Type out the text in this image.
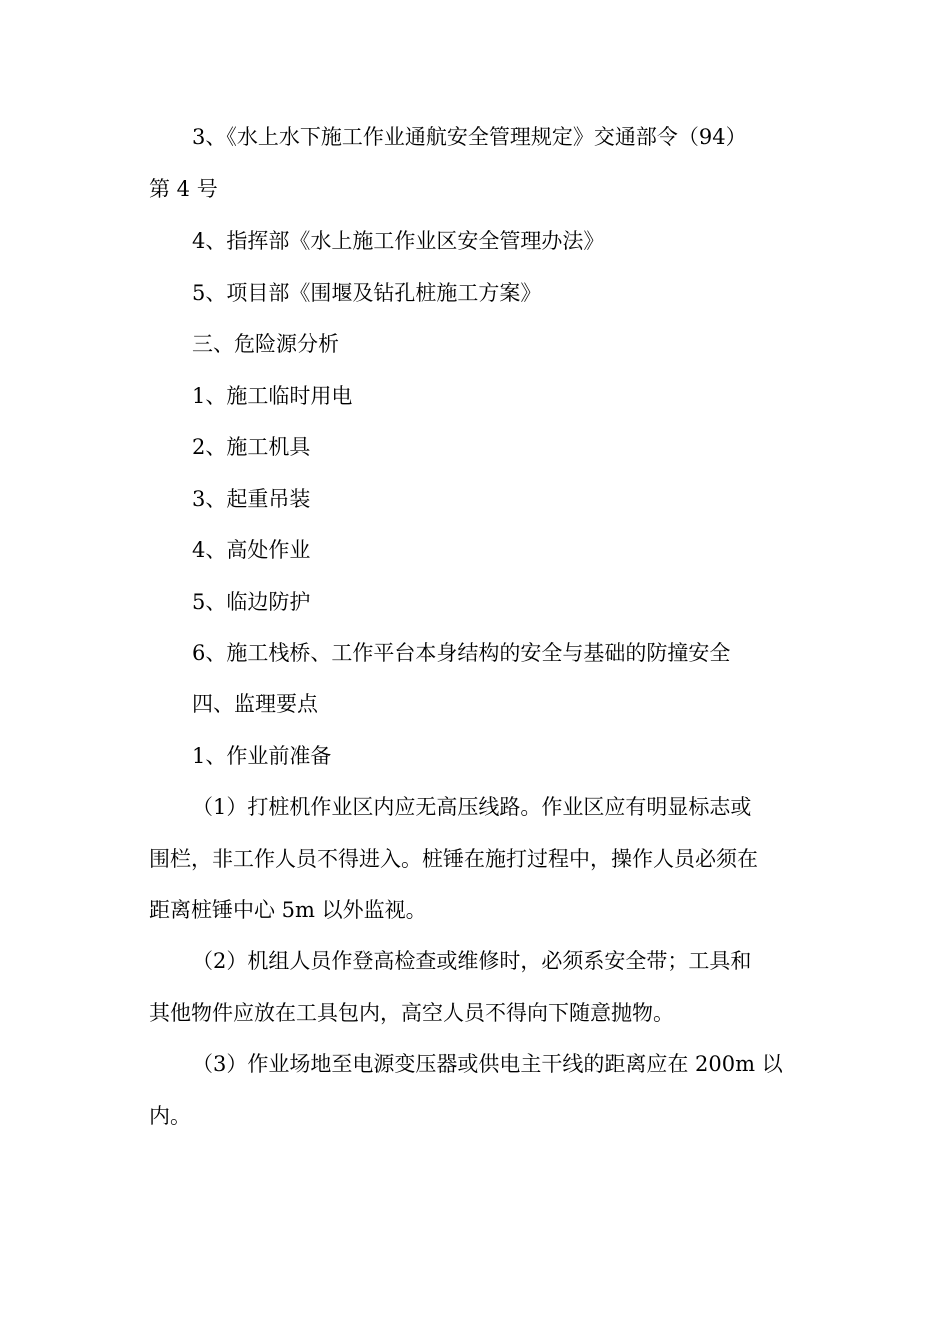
3、《水上水下施工作业通航安全管理规定》交通部令（94）
第 4 号
4、指挥部《水上施工作业区安全管理办法》
5、项目部《围堰及钻孔桩施工方案》
三、危险源分析
1、施工临时用电
2、施工机具
3、起重吊装
4、高处作业
5、临边防护
6、施工栈桥、工作平台本身结构的安全与基础的防撞安全
四、监理要点
1、作业前准备
（1）打桩机作业区内应无高压线路。作业区应有明显标志或
围栏，非工作人员不得进入。桩锤在施打过程中，操作人员必须在
距离桩锤中心 5m 以外监视。
（2）机组人员作登高检查或维修时，必须系安全带；工具和
其他物件应放在工具包内，高空人员不得向下随意抛物。
（3）作业场地至电源变压器或供电主干线的距离应在 200m 以
内。
